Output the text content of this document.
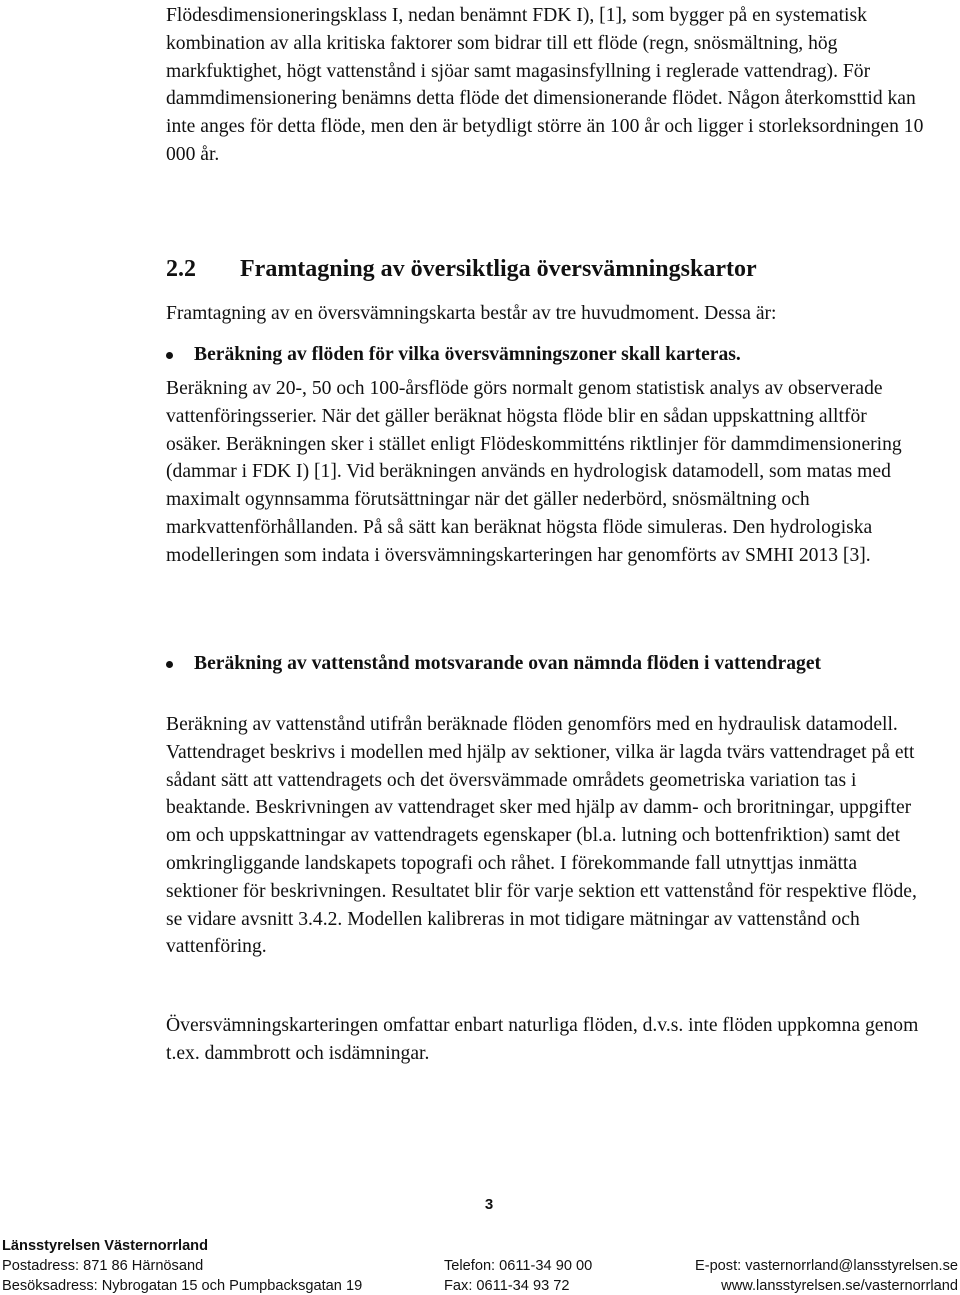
Flödesdimensioneringsklass I, nedan benämnt FDK I), [1], som bygger på en systematisk kombination av alla kritiska faktorer som bidrar till ett flöde (regn, snösmältning, hög markfuktighet, högt vattenstånd i sjöar samt magasinsfyllning i reglerade vattendrag). För dammdimensionering benämns detta flöde det dimensionerande flödet. Någon återkomsttid kan inte anges för detta flöde, men den är betydligt större än 100 år och ligger i storleksordningen 10 000 år.
2.2 Framtagning av översiktliga översvämningskartor
Framtagning av en översvämningskarta består av tre huvudmoment. Dessa är:
Beräkning av flöden för vilka översvämningszoner skall karteras.
Beräkning av 20-, 50 och 100-årsflöde görs normalt genom statistisk analys av observerade vattenföringsserier. När det gäller beräknat högsta flöde blir en sådan uppskattning alltför osäker. Beräkningen sker i stället enligt Flödeskommitténs riktlinjer för dammdimensionering (dammar i FDK I) [1]. Vid beräkningen används en hydrologisk datamodell, som matas med maximalt ogynnsamma förutsättningar när det gäller nederbörd, snösmältning och markvattenförhållanden. På så sätt kan beräknat högsta flöde simuleras. Den hydrologiska modelleringen som indata i översvämningskarteringen har genomförts av SMHI 2013 [3].
Beräkning av vattenstånd motsvarande ovan nämnda flöden i vattendraget
Beräkning av vattenstånd utifrån beräknade flöden genomförs med en hydraulisk datamodell. Vattendraget beskrivs i modellen med hjälp av sektioner, vilka är lagda tvärs vattendraget på ett sådant sätt att vattendragets och det översvämmade områdets geometriska variation tas i beaktande. Beskrivningen av vattendraget sker med hjälp av damm- och broritningar, uppgifter om och uppskattningar av vattendragets egenskaper (bl.a. lutning och bottenfriktion) samt det omkringliggande landskapets topografi och råhet. I förekommande fall utnyttjas inmätta sektioner för beskrivningen. Resultatet blir för varje sektion ett vattenstånd för respektive flöde, se vidare avsnitt 3.4.2. Modellen kalibreras in mot tidigare mätningar av vattenstånd och vattenföring.
Översvämningskarteringen omfattar enbart naturliga flöden, d.v.s. inte flöden uppkomna genom t.ex. dammbrott och isdämningar.
3
Länsstyrelsen Västernorrland
Postadress: 871 86 Härnösand	Telefon: 0611-34 90 00	E-post: vasternorrland@lansstyrelsen.se
Besöksadress: Nybrogatan 15 och Pumpbacksgatan 19	Fax: 0611-34 93 72	www.lansstyrelsen.se/vasternorrland
